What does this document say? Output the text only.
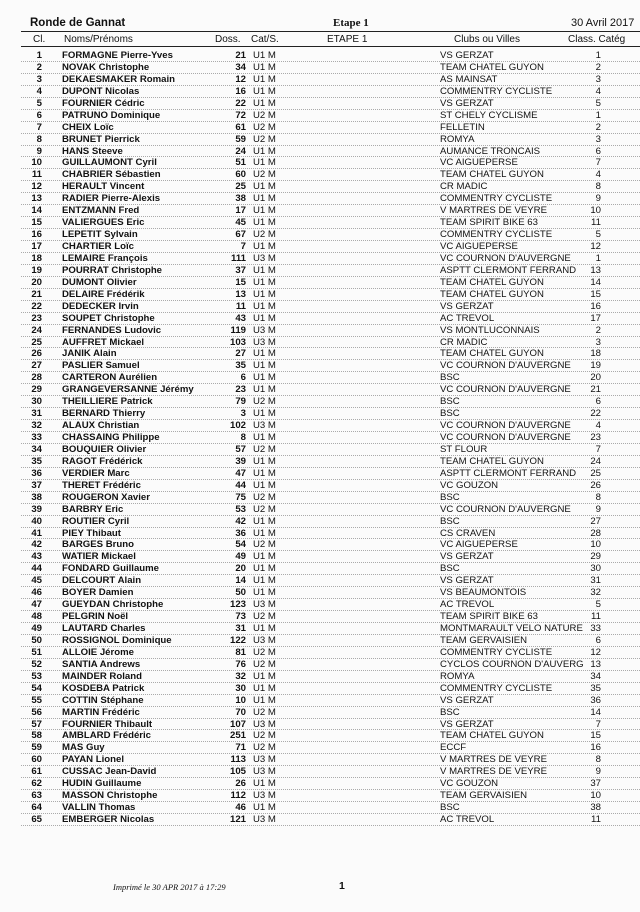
Ronde de Gannat	Etape 1	30 Avril 2017
Cl. Noms/Prénoms	Doss. Cat/S.	ETAPE 1	Clubs ou Villes	Class. Catég
1 FORMAGNE Pierre-Yves	21 U1 M	VS GERZAT	1
2 NOVAK Christophe	34 U1 M	TEAM CHATEL GUYON	2
3 DEKAESMAKER Romain	12 U1 M	AS MAINSAT	3
4 DUPONT Nicolas	16 U1 M	COMMENTRY CYCLISTE	4
5 FOURNIER Cédric	22 U1 M	VS GERZAT	5
6 PATRUNO Dominique	72 U2 M	ST CHELY CYCLISME	1
7 CHEIX Loïc	61 U2 M	FELLETIN	2
8 BRUNET Pierrick	59 U2 M	ROMYA	3
9 HANS Steeve	24 U1 M	AUMANCE TRONCAIS	6
10 GUILLAUMONT Cyril	51 U1 M	VC AIGUEPERSE	7
11 CHABRIER Sébastien	60 U2 M	TEAM CHATEL GUYON	4
12 HERAULT Vincent	25 U1 M	CR MADIC	8
13 RADIER Pierre-Alexis	38 U1 M	COMMENTRY CYCLISTE	9
14 ENTZMANN Fred	17 U1 M	V MARTRES DE VEYRE	10
15 VALIERGUES Eric	45 U1 M	TEAM SPIRIT BIKE 63	11
16 LEPETIT Sylvain	67 U2 M	COMMENTRY CYCLISTE	5
17 CHARTIER Loïc	7 U1 M	VC AIGUEPERSE	12
18 LEMAIRE François	111 U3 M	VC COURNON D'AUVERGNE	1
19 POURRAT Christophe	37 U1 M	ASPTT CLERMONT FERRAND	13
20 DUMONT Olivier	15 U1 M	TEAM CHATEL GUYON	14
21 DELAIRE Frédérik	13 U1 M	TEAM CHATEL GUYON	15
22 DEDECKER Irvin	11 U1 M	VS GERZAT	16
23 SOUPET Christophe	43 U1 M	AC TREVOL	17
24 FERNANDES Ludovic	119 U3 M	VS MONTLUCONNAIS	2
25 AUFFRET Mickael	103 U3 M	CR MADIC	3
26 JANIK Alain	27 U1 M	TEAM CHATEL GUYON	18
27 PASLIER Samuel	35 U1 M	VC COURNON D'AUVERGNE	19
28 CARTERON Aurélien	6 U1 M	BSC	20
29 GRANGEVERSANNE Jérémy	23 U1 M	VC COURNON D'AUVERGNE	21
30 THEILLIERE Patrick	79 U2 M	BSC	6
31 BERNARD Thierry	3 U1 M	BSC	22
32 ALAUX Christian	102 U3 M	VC COURNON D'AUVERGNE	4
33 CHASSAING Philippe	8 U1 M	VC COURNON D'AUVERGNE	23
34 BOUQUIER Olivier	57 U2 M	ST FLOUR	7
35 RAGOT Frédérick	39 U1 M	TEAM CHATEL GUYON	24
36 VERDIER Marc	47 U1 M	ASPTT CLERMONT FERRAND	25
37 THERET Frédéric	44 U1 M	VC GOUZON	26
38 ROUGERON Xavier	75 U2 M	BSC	8
39 BARBRY Eric	53 U2 M	VC COURNON D'AUVERGNE	9
40 ROUTIER Cyril	42 U1 M	BSC	27
41 PIEY Thibaut	36 U1 M	CS CRAVEN	28
42 BARGES Bruno	54 U2 M	VC AIGUEPERSE	10
43 WATIER Mickael	49 U1 M	VS GERZAT	29
44 FONDARD Guillaume	20 U1 M	BSC	30
45 DELCOURT Alain	14 U1 M	VS GERZAT	31
46 BOYER Damien	50 U1 M	VS BEAUMONTOIS	32
47 GUEYDAN Christophe	123 U3 M	AC TREVOL	5
48 PELGRIN Noël	73 U2 M	TEAM SPIRIT BIKE 63	11
49 LAUTARD Charles	31 U1 M	MONTMARAULT VELO NATURE 33
50 ROSSIGNOL Dominique	122 U3 M	TEAM GERVAISIEN	6
51 ALLOIE Jérome	81 U2 M	COMMENTRY CYCLISTE	12
52 SANTIA Andrews	76 U2 M	CYCLOS COURNON D'AUVERG 13
53 MAINDER Roland	32 U1 M	ROMYA	34
54 KOSDEBA Patrick	30 U1 M	COMMENTRY CYCLISTE	35
55 COTTIN Stéphane	10 U1 M	VS GERZAT	36
56 MARTIN Frédéric	70 U2 M	BSC	14
57 FOURNIER Thibault	107 U3 M	VS GERZAT	7
58 AMBLARD Frédéric	251 U2 M	TEAM CHATEL GUYON	15
59 MAS Guy	71 U2 M	ECCF	16
60 PAYAN Lionel	113 U3 M	V MARTRES DE VEYRE	8
61 CUSSAC Jean-David	105 U3 M	V MARTRES DE VEYRE	9
62 HUDIN Guillaume	26 U1 M	VC GOUZON	37
63 MASSON Christophe	112 U3 M	TEAM GERVAISIEN	10
64 VALLIN Thomas	46 U1 M	BSC	38
65 EMBERGER Nicolas	121 U3 M	AC TREVOL	11
Imprimé le 30 APR 2017 à 17:29	1
